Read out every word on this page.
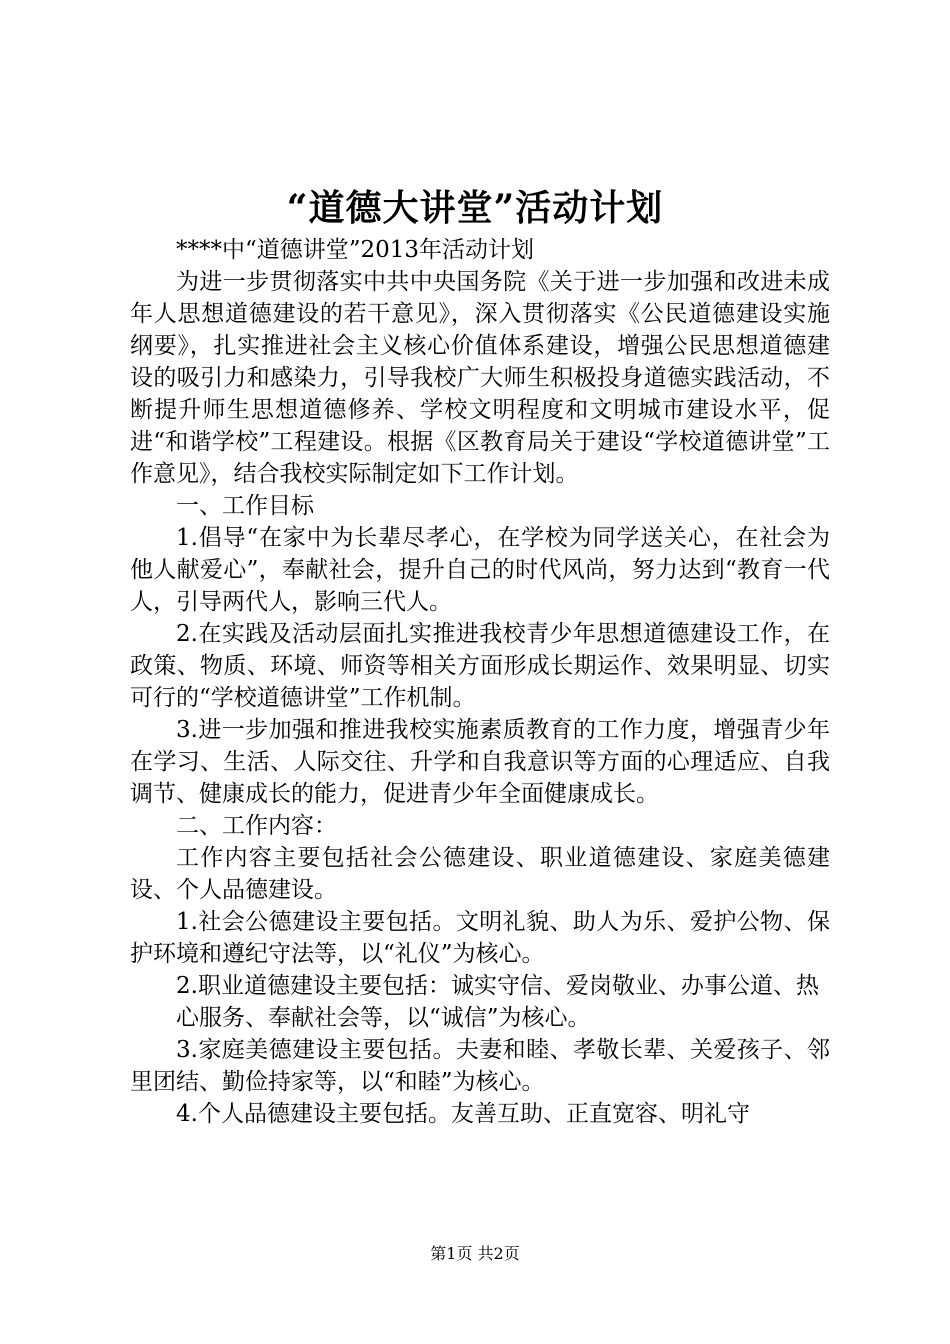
“道德大讲堂”活动计划

****中“道德讲堂”2013年活动计划

为进一步贯彻落实中共中央国务院《关于进一步加强和改进未成年人思想道德建设的若干意见》，深入贯彻落实《公民道德建设实施纲要》，扎实推进社会主义核心价值体系建设，增强公民思想道德建设的吸引力和感染力，引导我校广大师生积极投身道德实践活动，不断提升师生思想道德修养、学校文明程度和文明城市建设水平，促进“和谐学校”工程建设。根据《区教育局关于建设“学校道德讲堂”工作意见》，结合我校实际制定如下工作计划。

一、工作目标

1.倡导“在家中为长辈尽孝心，在学校为同学送关心，在社会为他人献爱心”，奉献社会，提升自己的时代风尚，努力达到“教育一代人，引导两代人，影响三代人。

2.在实践及活动层面扎实推进我校青少年思想道德建设工作，在政策、物质、环境、师资等相关方面形成长期运作、效果明显、切实可行的“学校道德讲堂”工作机制。

3.进一步加强和推进我校实施素质教育的工作力度，增强青少年在学习、生活、人际交往、升学和自我意识等方面的心理适应、自我调节、健康成长的能力，促进青少年全面健康成长。

二、工作内容：

工作内容主要包括社会公德建设、职业道德建设、家庭美德建设、个人品德建设。

1.社会公德建设主要包括。文明礼貌、助人为乐、爱护公物、保护环境和遵纪守法等，以“礼仪”为核心。

2.职业道德建设主要包括：诚实守信、爱岗敬业、办事公道、热

心服务、奉献社会等，以“诚信”为核心。

3.家庭美德建设主要包括。夫妻和睦、孝敬长辈、关爱孩子、邻里团结、勤俭持家等，以“和睦”为核心。

4.个人品德建设主要包括。友善互助、正直宽容、明礼守

第1页 共2页
